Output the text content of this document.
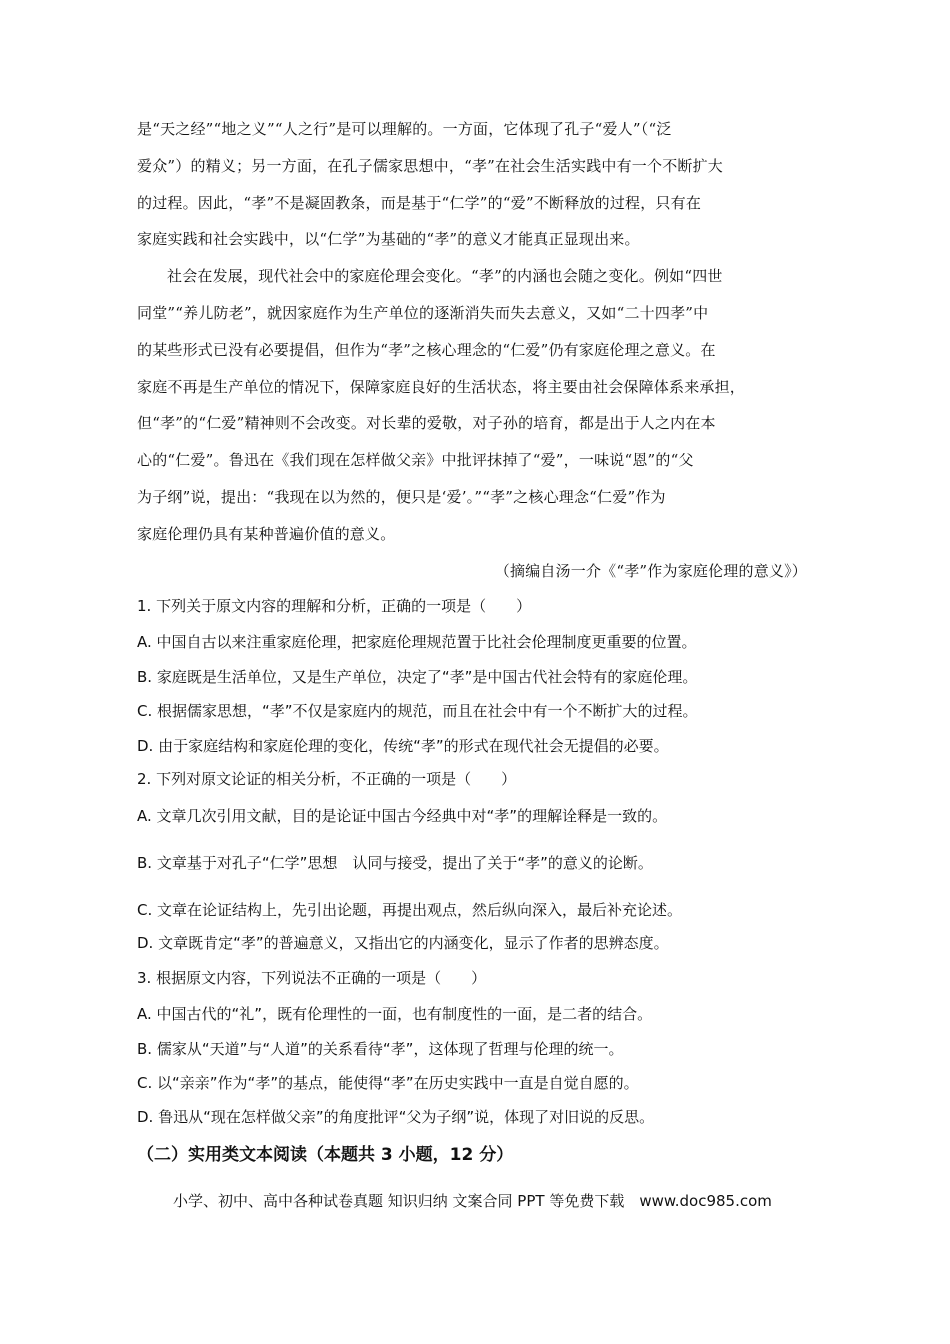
是“天之经”“地之义”“人之行”是可以理解的。一方面，它体现了孔子“爱人”（“泛
爱众”）的精义；另一方面，在孔子儒家思想中，“孝”在社会生活实践中有一个不断扩大
的过程。因此，“孝”不是凝固教条，而是基于“仁学”的“爱”不断释放的过程，只有在
家庭实践和社会实践中，以“仁学”为基础的“孝”的意义才能真正显现出来。
社会在发展，现代社会中的家庭伦理会变化。“孝”的内涵也会随之变化。例如“四世
同堂”“养儿防老”，就因家庭作为生产单位的逐渐消失而失去意义，又如“二十四孝”中
的某些形式已没有必要提倡，但作为“孝”之核心理念的“仁爱”仍有家庭伦理之意义。在
家庭不再是生产单位的情况下，保障家庭良好的生活状态，将主要由社会保障体系来承担，
但“孝”的“仁爱”精神则不会改变。对长辈的爱敬，对子孙的培育，都是出于人之内在本
心的“仁爱”。鲁迅在《我们现在怎样做父亲》中批评抹掉了“爱”，一味说“恩”的“父
为子纲”说，提出：“我现在以为然的，便只是‘爱’。”“孝”之核心理念“仁爱”作为
家庭伦理仍具有某种普遍价值的意义。
（摘编自汤一介《“孝”作为家庭伦理的意义》）
1. 下列关于原文内容的理解和分析，正确的一项是（　　）
A. 中国自古以来注重家庭伦理，把家庭伦理规范置于比社会伦理制度更重要的位置。
B. 家庭既是生活单位，又是生产单位，决定了“孝”是中国古代社会特有的家庭伦理。
C. 根据儒家思想，“孝”不仅是家庭内的规范，而且在社会中有一个不断扩大的过程。
D. 由于家庭结构和家庭伦理的变化，传统“孝”的形式在现代社会无提倡的必要。
2. 下列对原文论证的相关分析，不正确的一项是（　　）
A. 文章几次引用文献，目的是论证中国古今经典中对“孝”的理解诠释是一致的。
B. 文章基于对孔子“仁学”思想　认同与接受，提出了关于“孝”的意义的论断。
C. 文章在论证结构上，先引出论题，再提出观点，然后纵向深入，最后补充论述。
D. 文章既肯定“孝”的普遍意义，又指出它的内涵变化，显示了作者的思辨态度。
3. 根据原文内容，下列说法不正确的一项是（　　）
A. 中国古代的“礼”，既有伦理性的一面，也有制度性的一面，是二者的结合。
B. 儒家从“天道”与“人道”的关系看待“孝”，这体现了哲理与伦理的统一。
C. 以“亲亲”作为“孝”的基点，能使得“孝”在历史实践中一直是自觉自愿的。
D. 鲁迅从“现在怎样做父亲”的角度批评“父为子纲”说，体现了对旧说的反思。
（二）实用类文本阅读（本题共 3 小题，12 分）
小学、初中、高中各种试卷真题 知识归纳 文案合同 PPT 等免费下载　www.doc985.com
